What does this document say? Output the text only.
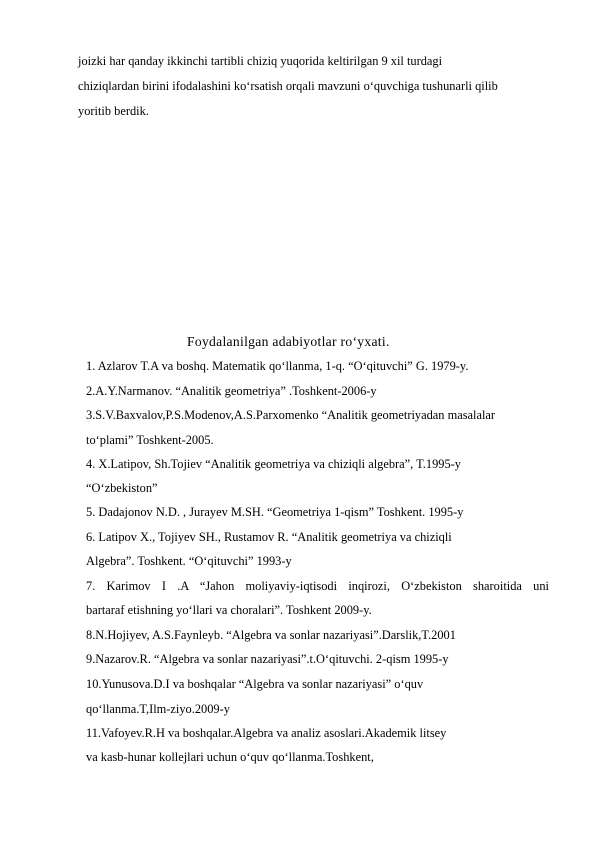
joizki har qanday ikkinchi tartibli chiziq yuqorida keltirilgan 9 xil turdagi
chiziqlardan birini ifodalashini ko‘rsatish orqali mavzuni o‘quvchiga tushunarli qilib
yoritib berdik.
Foydalanilgan adabiyotlar ro‘yxati.
1. Azlarov T.A va boshq. Matematik qo‘llanma, 1-q. “O‘qituvchi” G. 1979-y.
2.A.Y.Narmanov. “Analitik geometriya” .Toshkent-2006-y
3.S.V.Baxvalov,P.S.Modenov,A.S.Parxomenko “Analitik geometriyadan masalalar
to‘plami” Toshkent-2005.
4. X.Latipov, Sh.Tojiev “Analitik geometriya va chiziqli algebra”, T.1995-y
“O‘zbekiston”
5. Dadajonov N.D. , Jurayev M.SH. “Geometriya 1-qism” Toshkent. 1995-y
6. Latipov X., Tojiyev SH., Rustamov R. “Analitik geometriya va chiziqli
Algebra”. Toshkent. “O‘qituvchi” 1993-y
7. Karimov I .A “Jahon moliyaviy-iqtisodi inqirozi, O‘zbekiston sharoitida uni
bartaraf etishning yo‘llari va choralari”. Toshkent 2009-y.
8.N.Hojiyev, A.S.Faynleyb. “Algebra va sonlar nazariyasi”.Darslik,T.2001
9.Nazarov.R. “Algebra va sonlar nazariyasi”.t.O‘qituvchi. 2-qism 1995-y
10.Yunusova.D.I va boshqalar “Algebra va sonlar nazariyasi” o‘quv
qo‘llanma.T,Ilm-ziyo.2009-y
11.Vafoyev.R.H va boshqalar.Algebra va analiz asoslari.Akademik litsey
va kasb-hunar kollejlari uchun o‘quv qo‘llanma.Toshkent,
